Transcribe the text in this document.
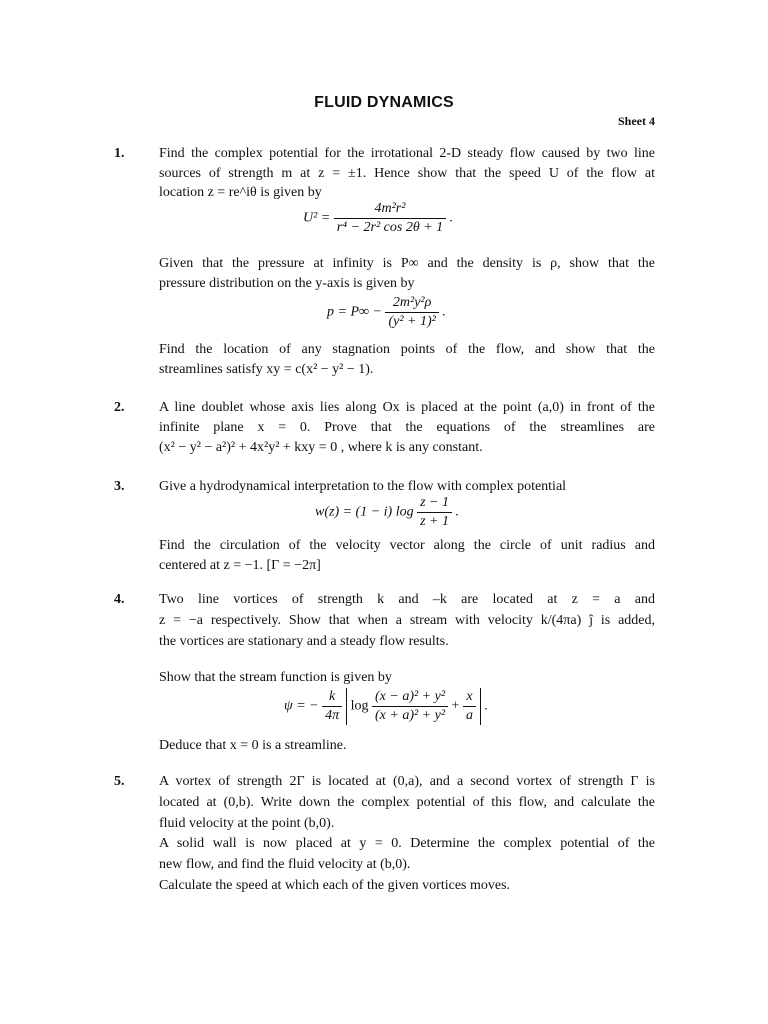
FLUID DYNAMICS
Sheet 4
1. Find the complex potential for the irrotational 2-D steady flow caused by two line
sources of strength m at z = ±1. Hence show that the speed U of the flow at
location z = re^iθ is given by
$U^2 = \frac{\text{4m²r²}}{\text{r⁴ − 2r² cos 2θ + 1}}$ .
Given that the pressure at infinity is P∞ and the density is ρ, show that the
pressure distribution on the y-axis is given by
$p = P\infty - \frac{\text{2m²y²ρ}}{\text{(y² + 1)²}}$ .
Find the location of any stagnation points of the flow, and show that the
streamlines satisfy xy = c(x² − y² − 1).
2. A line doublet whose axis lies along Ox is placed at the point (a,0) in front of the
infinite plane x = 0. Prove that the equations of the streamlines are
(x² − y² − a²)² + 4x²y² + kxy = 0 , where k is any constant.
3. Give a hydrodynamical interpretation to the flow with complex potential
w(z) = (1 − i) $\log \frac{z - 1}{z + 1}$ .
Find the circulation of the velocity vector along the circle of unit radius and
centered at z = −1. [Γ = −2π]
4. Two line vortices of strength k and –k are located at z = a and
z = −a respectively. Show that when a stream with velocity k/(4πa) ĵ is added,
the vortices are stationary and a steady flow results.
Show that the stream function is given by
ψ = − $\frac{k}{4\pi}$ $\log \frac{\text{(x − a)² + y²}}{\text{(x + a)² + y²}} + \frac{x}{a}$ .
Deduce that x = 0 is a streamline.
5. A vortex of strength 2Γ is located at (0,a), and a second vortex of strength Γ is
located at (0,b). Write down the complex potential of this flow, and calculate the
fluid velocity at the point (b,0).
A solid wall is now placed at y = 0. Determine the complex potential of the
new flow, and find the fluid velocity at (b,0).
Calculate the speed at which each of the given vortices moves.
